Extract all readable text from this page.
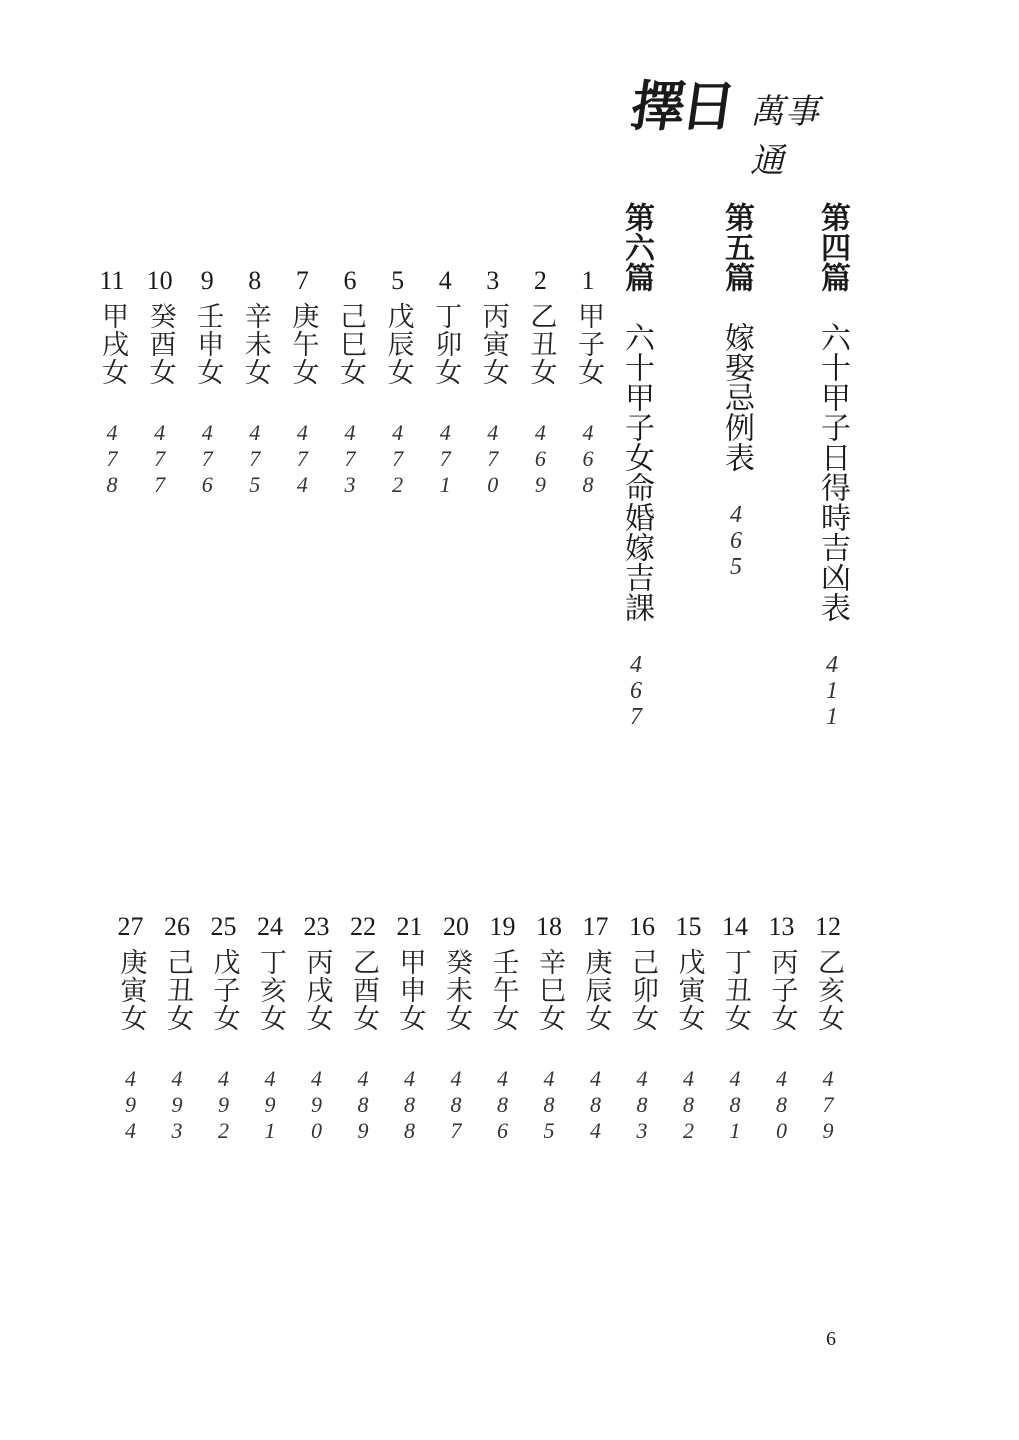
擇日 萬事通
第四篇
六十甲子日得時吉凶表
4
1
1
第五篇
嫁娶忌例表
4
6
5
第六篇
六十甲子女命婚嫁吉課
4
6
7
1
甲子女
4
6
8
2
乙丑女
4
6
9
3
丙寅女
4
7
0
4
丁卯女
4
7
1
5
戊辰女
4
7
2
6
己巳女
4
7
3
7
庚午女
4
7
4
8
辛未女
4
7
5
9
壬申女
4
7
6
10
癸酉女
4
7
7
11
甲戌女
4
7
8
12
乙亥女
4
7
9
13
丙子女
4
8
0
14
丁丑女
4
8
1
15
戊寅女
4
8
2
16
己卯女
4
8
3
17
庚辰女
4
8
4
18
辛巳女
4
8
5
19
壬午女
4
8
6
20
癸未女
4
8
7
21
甲申女
4
8
8
22
乙酉女
4
8
9
23
丙戌女
4
9
0
24
丁亥女
4
9
1
25
戊子女
4
9
2
26
己丑女
4
9
3
27
庚寅女
4
9
4
6
